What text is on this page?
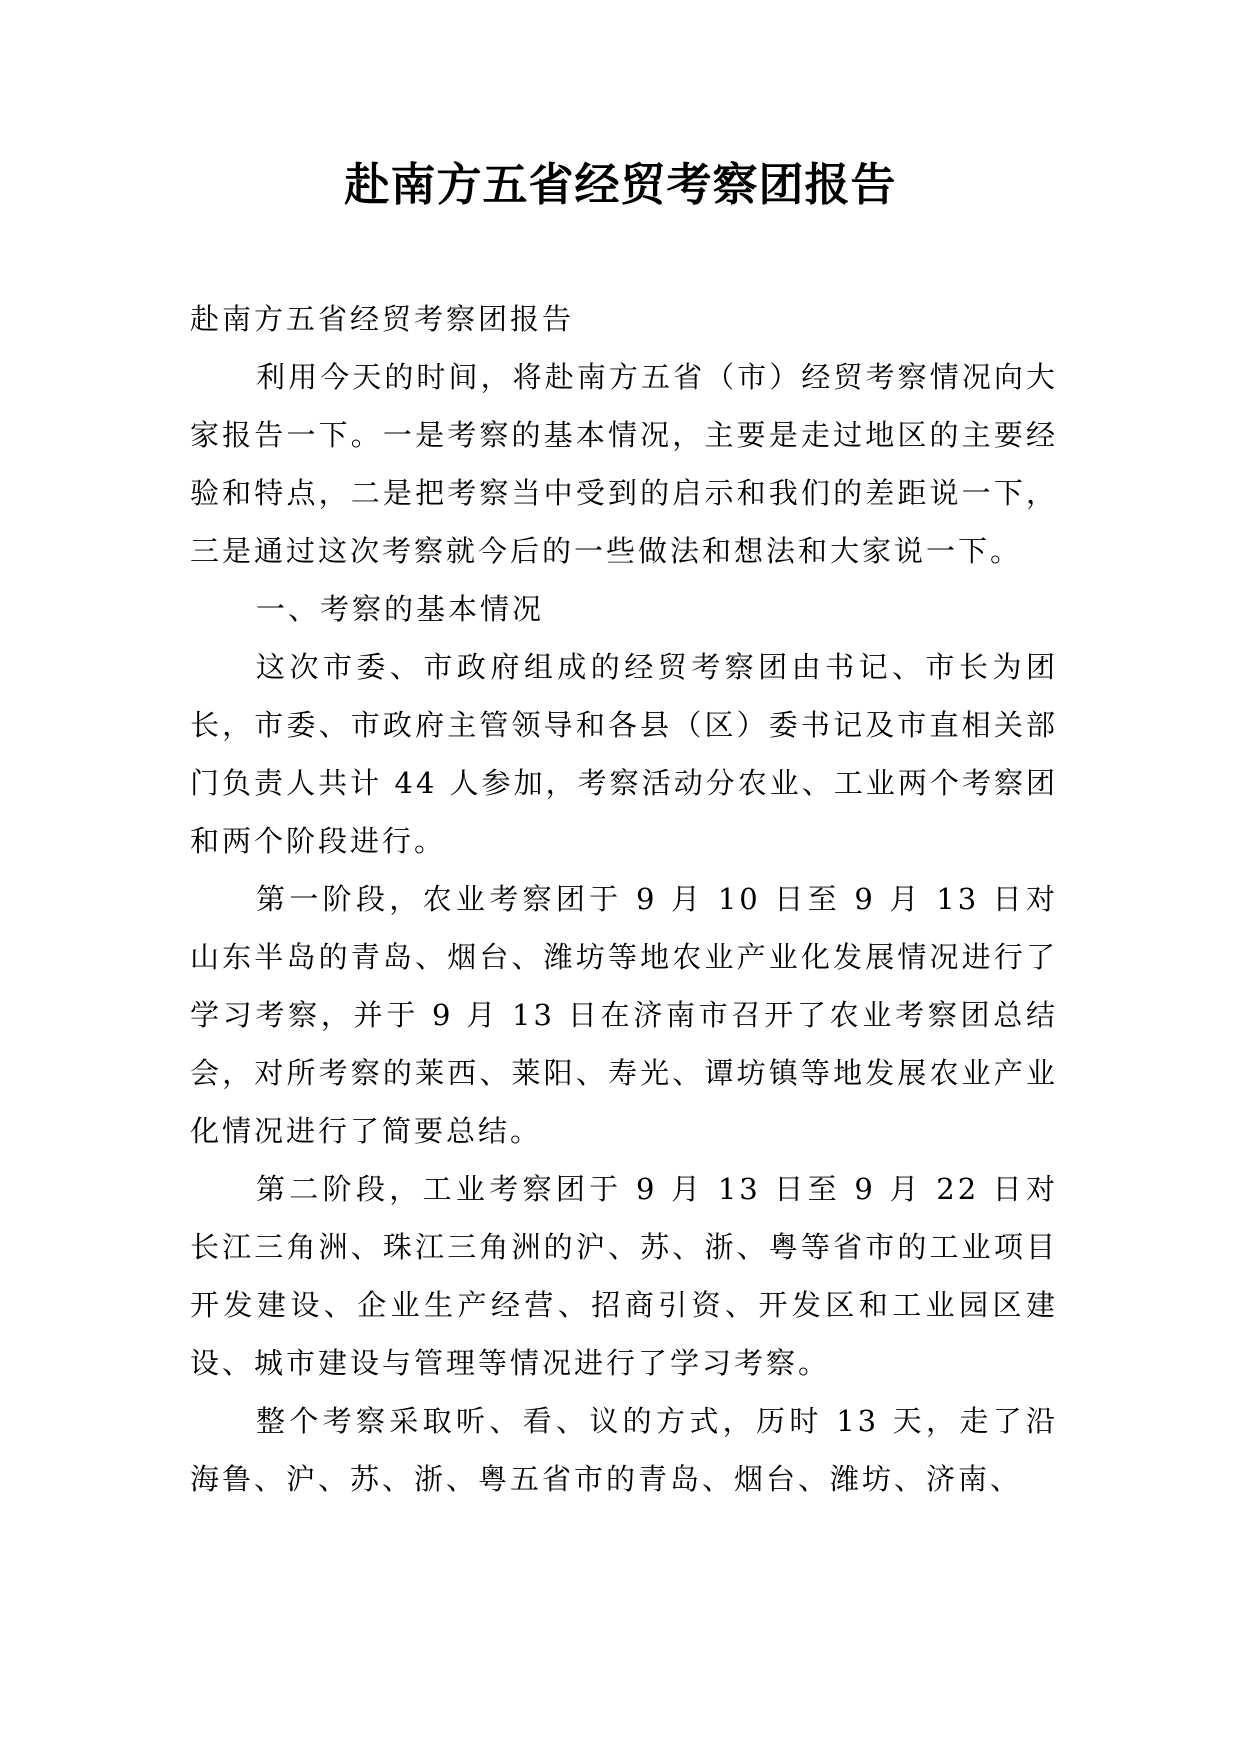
赴南方五省经贸考察团报告

赴南方五省经贸考察团报告

利用今天的时间，将赴南方五省（市）经贸考察情况向大家报告一下。一是考察的基本情况，主要是走过地区的主要经验和特点，二是把考察当中受到的启示和我们的差距说一下，三是通过这次考察就今后的一些做法和想法和大家说一下。

一、考察的基本情况

这次市委、市政府组成的经贸考察团由书记、市长为团长，市委、市政府主管领导和各县（区）委书记及市直相关部门负责人共计 44 人参加，考察活动分农业、工业两个考察团和两个阶段进行。

第一阶段，农业考察团于 9 月 10 日至 9 月 13 日对山东半岛的青岛、烟台、潍坊等地农业产业化发展情况进行了学习考察，并于 9 月 13 日在济南市召开了农业考察团总结会，对所考察的莱西、莱阳、寿光、谭坊镇等地发展农业产业化情况进行了简要总结。

第二阶段，工业考察团于 9 月 13 日至 9 月 22 日对长江三角洲、珠江三角洲的沪、苏、浙、粤等省市的工业项目开发建设、企业生产经营、招商引资、开发区和工业园区建设、城市建设与管理等情况进行了学习考察。

整个考察采取听、看、议的方式，历时 13 天，走了沿海鲁、沪、苏、浙、粤五省市的青岛、烟台、潍坊、济南、
